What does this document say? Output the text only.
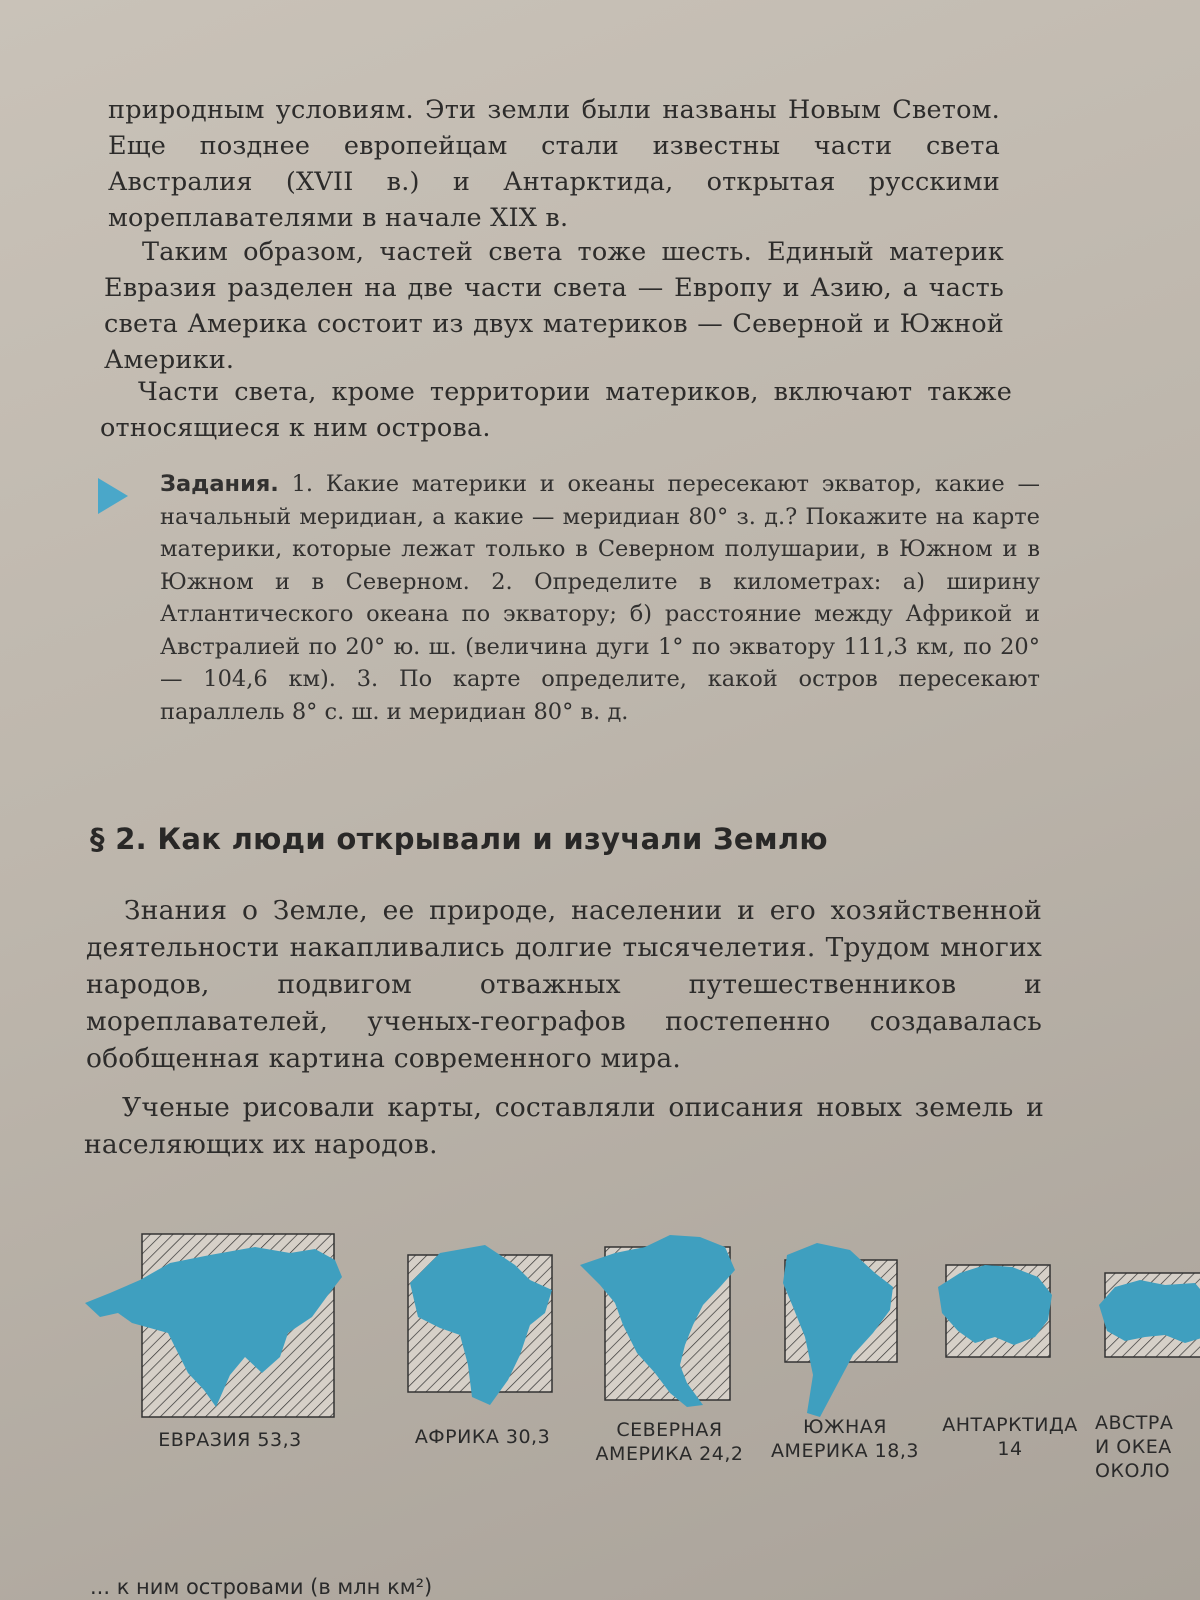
природным условиям. Эти земли были названы Новым Светом. Еще позднее европейцам стали известны части света Австралия (XVII в.) и Антарктида, открытая русскими мореплавателями в начале XIX в.

Таким образом, частей света тоже шесть. Единый материк Евразия разделен на две части света — Европу и Азию, а часть света Америка состоит из двух материков — Северной и Южной Америки.

Части света, кроме территории материков, включают также относящиеся к ним острова.

Задания. 1. Какие материки и океаны пересекают экватор, какие — начальный меридиан, а какие — меридиан 80° з. д.? Покажите на карте материки, которые лежат только в Северном полушарии, в Южном и в Южном и в Северном. 2. Определите в километрах: а) ширину Атлантического океана по экватору; б) расстояние между Африкой и Австралией по 20° ю. ш. (величина дуги 1° по экватору 111,3 км, по 20° — 104,6 км). 3. По карте определите, какой остров пересекают параллель 8° с. ш. и меридиан 80° в. д.

§ 2. Как люди открывали и изучали Землю

Знания о Земле, ее природе, населении и его хозяйственной деятельности накапливались долгие тысячелетия. Трудом многих народов, подвигом отважных путешественников и мореплавателей, ученых-географов постепенно создавалась обобщенная картина современного мира.

Ученые рисовали карты, составляли описания новых земель и населяющих их народов.

ЕВРАЗИЯ 53,3	АФРИКА 30,3	СЕВЕРНАЯ
АМЕРИКА 24,2
ЮЖНАЯ
АМЕРИКА 18,3
АНТАРКТИДА
14
АВСТРА
И ОКЕА
ОКОЛО
... к ним островами (в млн км²)
